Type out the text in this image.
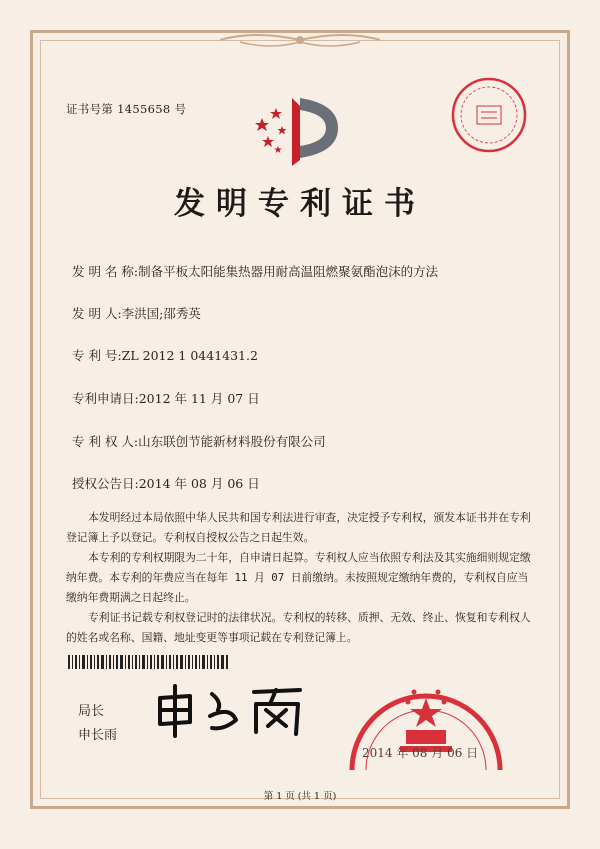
证书号第 1455658 号
发明专利证书
发 明 名 称:制备平板太阳能集热器用耐高温阻燃聚氨酯泡沫的方法
发 明 人:李洪国;邵秀英
专 利 号:ZL 2012 1 0441431.2
专利申请日:2012 年 11 月 07 日
专 利 权 人:山东联创节能新材料股份有限公司
授权公告日:2014 年 08 月 06 日

本发明经过本局依照中华人民共和国专利法进行审查，决定授予专利权，颁发本证书并在专利登记簿上予以登记。专利权自授权公告之日起生效。

本专利的专利权期限为二十年，自申请日起算。专利权人应当依照专利法及其实施细则规定缴纳年费。本专利的年费应当在每年 11 月 07 日前缴纳。未按照规定缴纳年费的，专利权自应当缴纳年费期满之日起终止。

专利证书记载专利权登记时的法律状况。专利权的转移、质押、无效、终止、恢复和专利权人的姓名或名称、国籍、地址变更等事项记载在专利登记簿上。

局长
申长雨
2014 年 08 月 06 日
第 1 页 (共 1 页)
